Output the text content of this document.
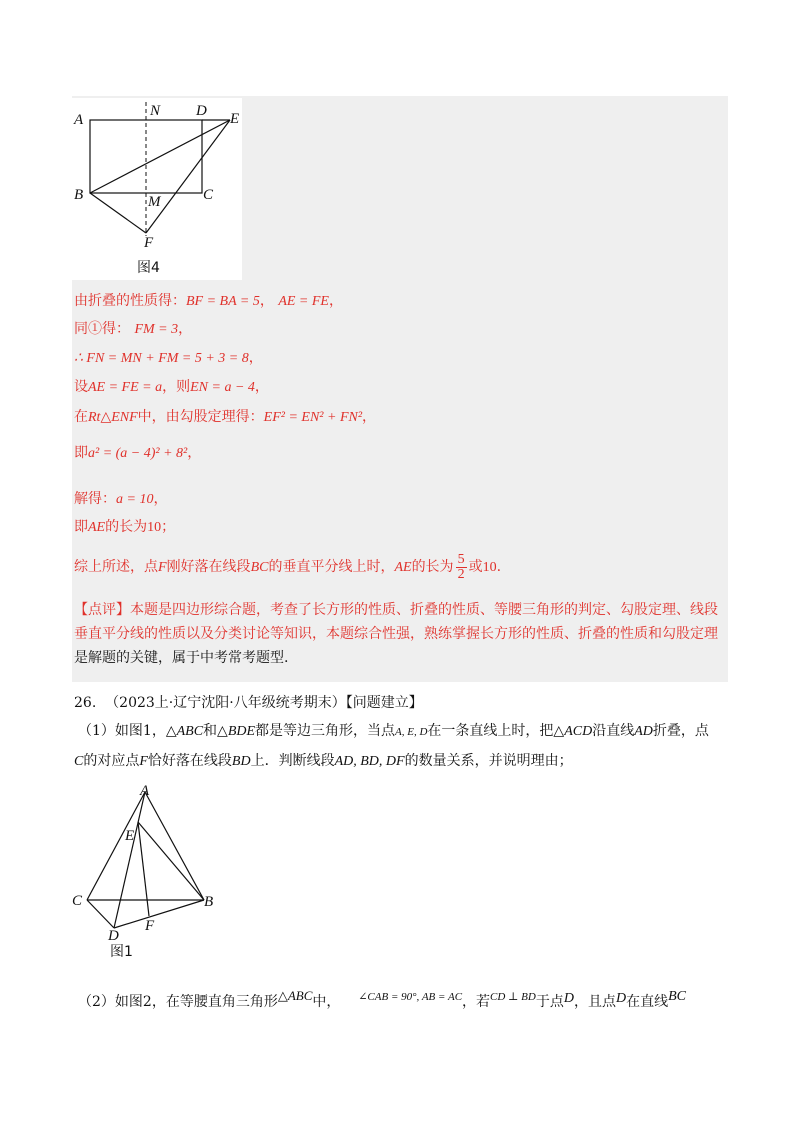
A
N D E
B	M	C
F
图4
由折叠的性质得：BF = BA = 5， AE = FE，
同①得： FM = 3，
∴ FN = MN + FM = 5 + 3 = 8，
设AE = FE = a，则EN = a − 4，
在Rt△ENF中，由勾股定理得：EF² = EN² + FN²，
即a² = (a − 4)² + 8²，
解得：a = 10，
即AE的长为10；
综上所述，点F刚好落在线段BC的垂直平分线上时，AE的长为 $\frac{5}{2}$ 或10.
【点评】本题是四边形综合题，考查了长方形的性质、折叠的性质、等腰三角形的判定、勾股定理、线段垂直平分线的性质以及分类讨论等知识，本题综合性强，熟练掌握长方形的性质、折叠的性质和勾股定理
是解题的关键，属于中考常考题型.
26. （2023上·辽宁沈阳·八年级统考期末）【问题建立】
（1）如图1，△ABC和△BDE都是等边三角形，当点A, E, D在一条直线上时，把△ACD沿直线AD折叠，点
C的对应点F恰好落在线段BD上．判断线段AD, BD, DF的数量关系，并说明理由；
A
E
C	B
D
F
图1
（2）如图2，在等腰直角三角形△ABC中， $^{\angle CAB = 90^\circ, AB = AC}$，若$^{CD \perp BD}$于点D，且点D在直线BC
